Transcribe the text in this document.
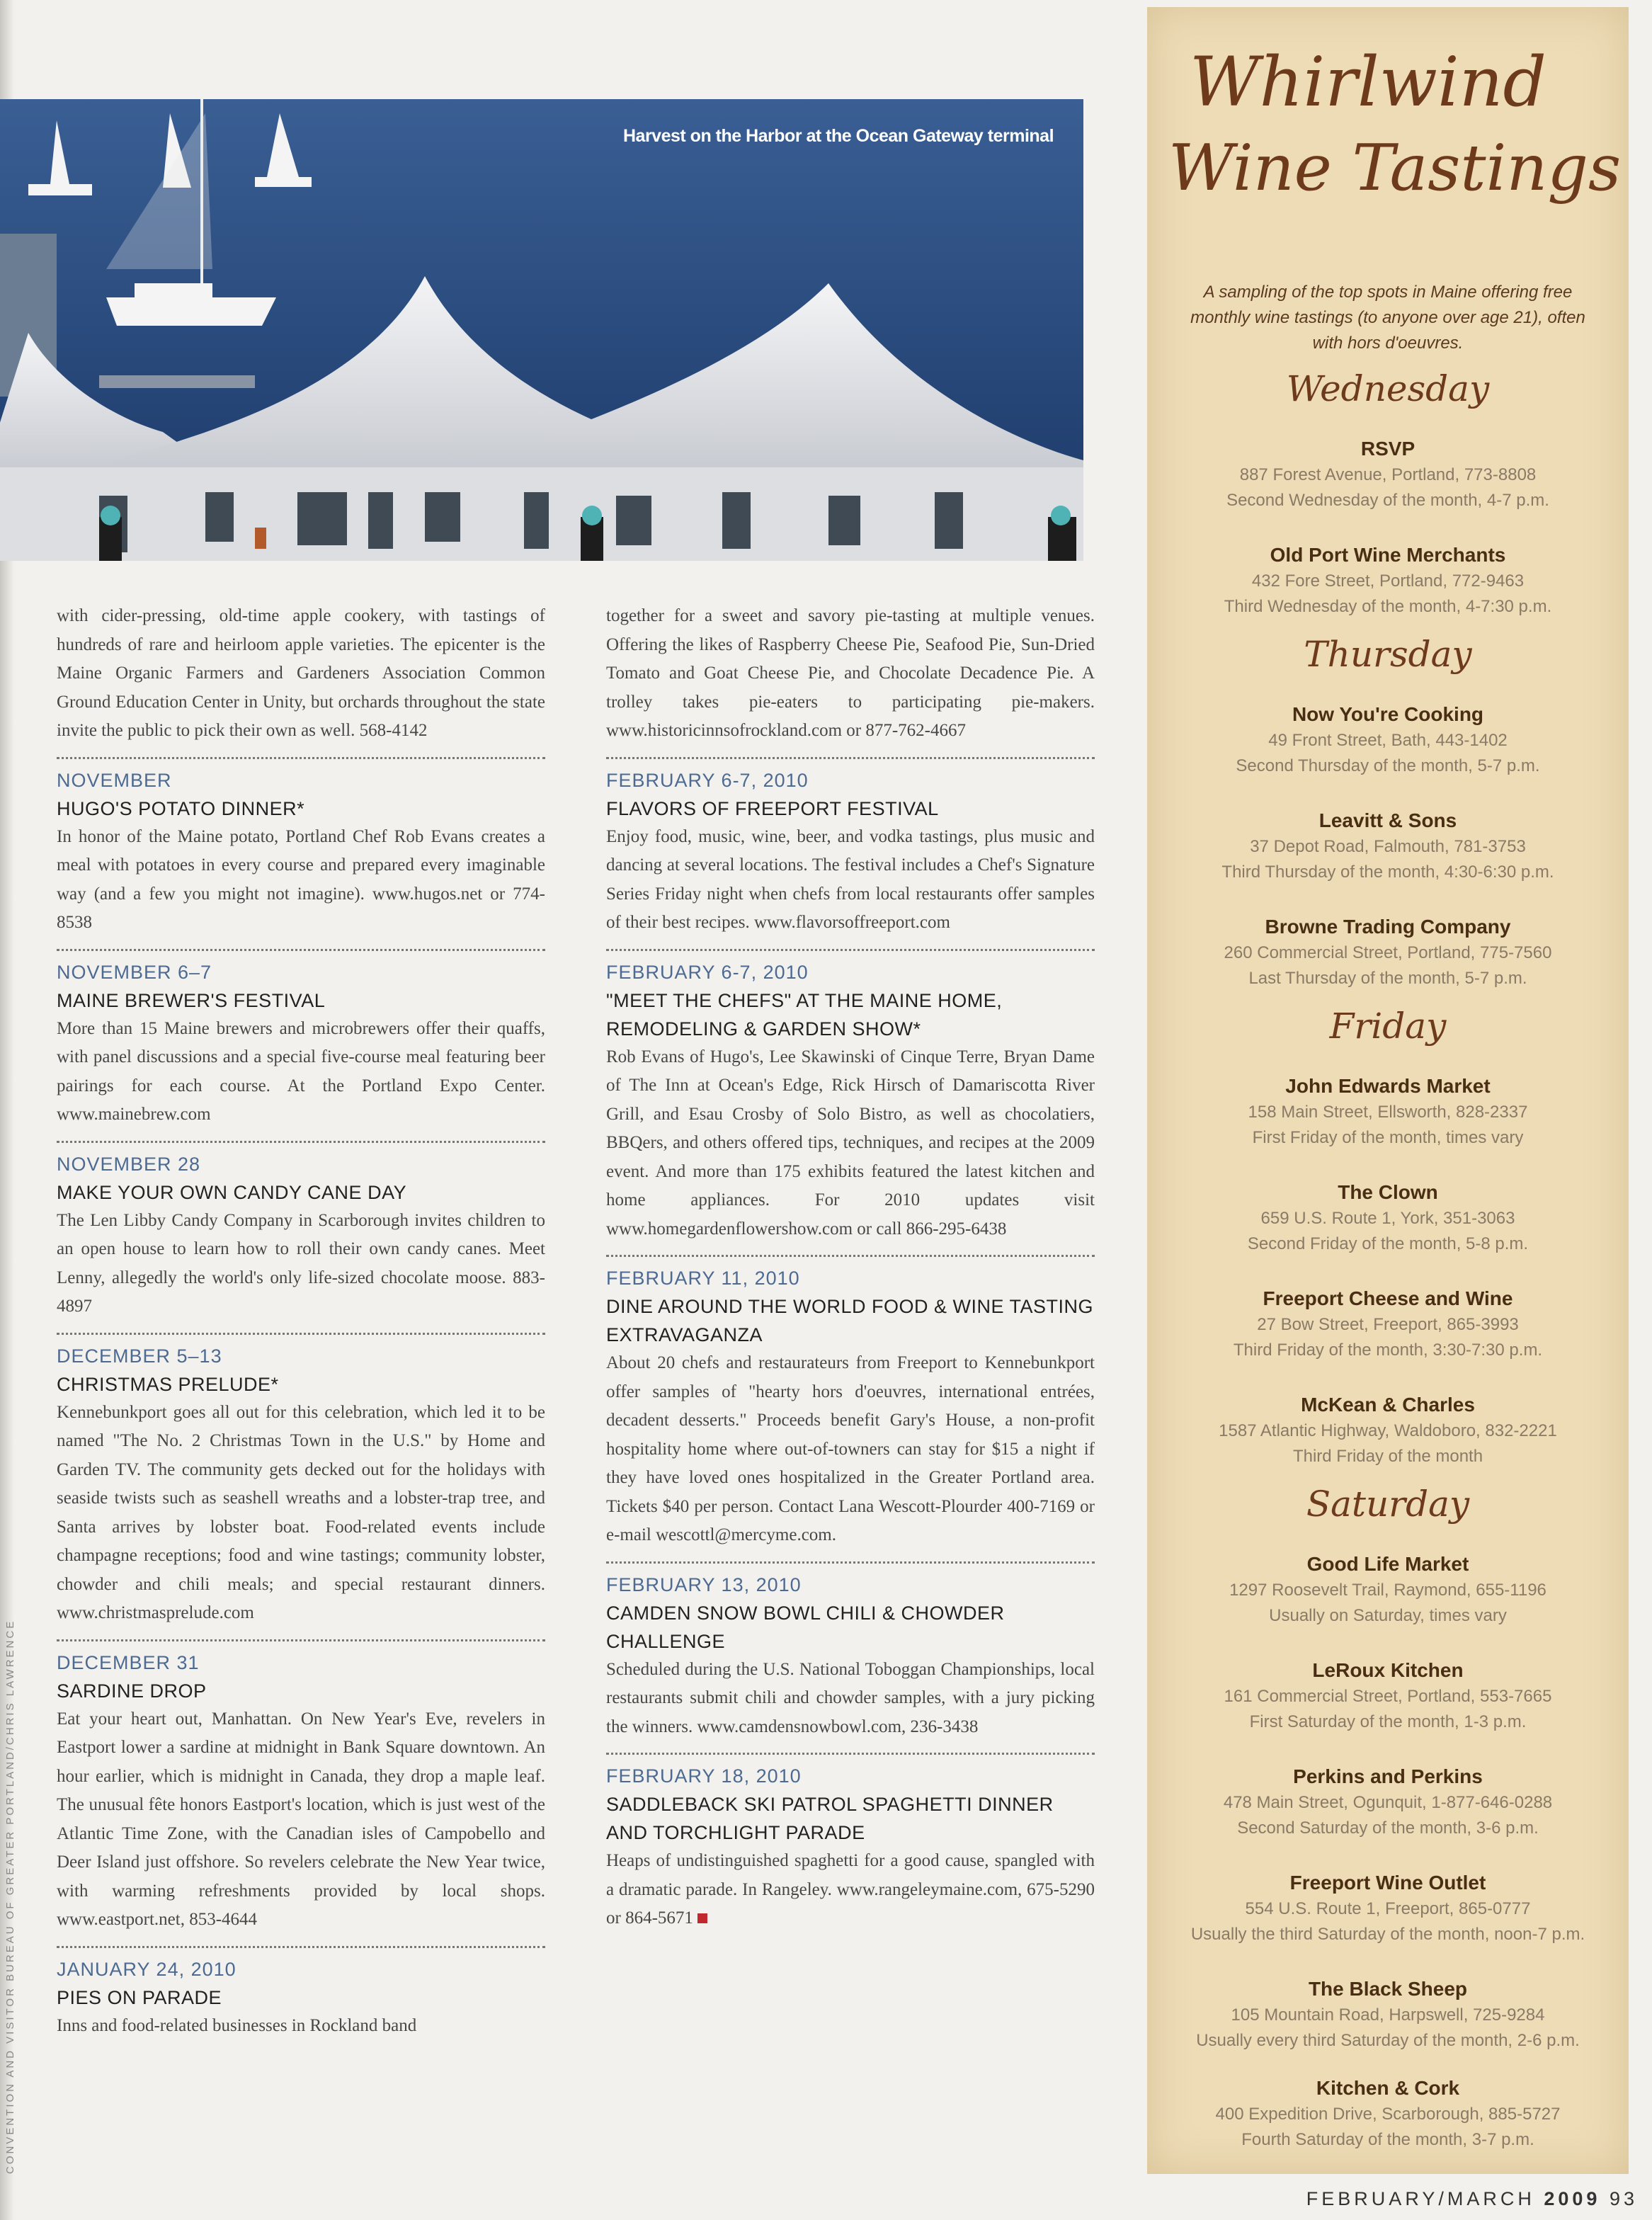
CONVENTION AND VISITOR BUREAU OF GREATER PORTLAND/CHRIS LAWRENCE
Harvest on the Harbor at the Ocean Gateway terminal
with cider-pressing, old-time apple cookery, with tastings of hundreds of rare and heirloom apple varieties. The epicenter is the Maine Organic Farmers and Gardeners Association Common Ground Education Center in Unity, but orchards throughout the state invite the public to pick their own as well. 568-4142
NOVEMBER
HUGO'S POTATO DINNER*
In honor of the Maine potato, Portland Chef Rob Evans creates a meal with potatoes in every course and prepared every imaginable way (and a few you might not imagine). www.hugos.net or 774-8538
NOVEMBER 6–7
MAINE BREWER'S FESTIVAL
More than 15 Maine brewers and microbrewers offer their quaffs, with panel discussions and a special five-course meal featuring beer pairings for each course. At the Portland Expo Center. www.mainebrew.com
NOVEMBER 28
MAKE YOUR OWN CANDY CANE DAY
The Len Libby Candy Company in Scarborough invites children to an open house to learn how to roll their own candy canes. Meet Lenny, allegedly the world's only life-sized chocolate moose. 883-4897
DECEMBER 5–13
CHRISTMAS PRELUDE*
Kennebunkport goes all out for this celebration, which led it to be named "The No. 2 Christmas Town in the U.S." by Home and Garden TV. The community gets decked out for the holidays with seaside twists such as seashell wreaths and a lobster-trap tree, and Santa arrives by lobster boat. Food-related events include champagne receptions; food and wine tastings; community lobster, chowder and chili meals; and special restaurant dinners. www.christmasprelude.com
DECEMBER 31
SARDINE DROP
Eat your heart out, Manhattan. On New Year's Eve, revelers in Eastport lower a sardine at midnight in Bank Square downtown. An hour earlier, which is midnight in Canada, they drop a maple leaf. The unusual fête honors Eastport's location, which is just west of the Atlantic Time Zone, with the Canadian isles of Campobello and Deer Island just offshore. So revelers celebrate the New Year twice, with warming refreshments provided by local shops. www.eastport.net, 853-4644
JANUARY 24, 2010
PIES ON PARADE
Inns and food-related businesses in Rockland band
together for a sweet and savory pie-tasting at multiple venues. Offering the likes of Raspberry Cheese Pie, Seafood Pie, Sun-Dried Tomato and Goat Cheese Pie, and Chocolate Decadence Pie. A trolley takes pie-eaters to participating pie-makers. www.historicinnsofrockland.com or 877-762-4667
FEBRUARY 6-7, 2010
FLAVORS OF FREEPORT FESTIVAL
Enjoy food, music, wine, beer, and vodka tastings, plus music and dancing at several locations. The festival includes a Chef's Signature Series Friday night when chefs from local restaurants offer samples of their best recipes. www.flavorsoffreeport.com
FEBRUARY 6-7, 2010
"MEET THE CHEFS" AT THE MAINE HOME, REMODELING & GARDEN SHOW*
Rob Evans of Hugo's, Lee Skawinski of Cinque Terre, Bryan Dame of The Inn at Ocean's Edge, Rick Hirsch of Damariscotta River Grill, and Esau Crosby of Solo Bistro, as well as chocolatiers, BBQers, and others offered tips, techniques, and recipes at the 2009 event. And more than 175 exhibits featured the latest kitchen and home appliances. For 2010 updates visit www.homegardenflowershow.com or call 866-295-6438
FEBRUARY 11, 2010
DINE AROUND THE WORLD FOOD & WINE TASTING EXTRAVAGANZA
About 20 chefs and restaurateurs from Freeport to Kennebunkport offer samples of "hearty hors d'oeuvres, international entrées, decadent desserts." Proceeds benefit Gary's House, a non-profit hospitality home where out-of-towners can stay for $15 a night if they have loved ones hospitalized in the Greater Portland area. Tickets $40 per person. Contact Lana Wescott-Plourder 400-7169 or e-mail wescottl@mercyme.com.
FEBRUARY 13, 2010
CAMDEN SNOW BOWL CHILI & CHOWDER CHALLENGE
Scheduled during the U.S. National Toboggan Championships, local restaurants submit chili and chowder samples, with a jury picking the winners. www.camdensnowbowl.com, 236-3438
FEBRUARY 18, 2010
SADDLEBACK SKI PATROL SPAGHETTI DINNER AND TORCHLIGHT PARADE
Heaps of undistinguished spaghetti for a good cause, spangled with a dramatic parade. In Rangeley. www.rangeleymaine.com, 675-5290 or 864-5671
Whirlwind
Wine Tastings
A sampling of the top spots in Maine offering free monthly wine tastings (to anyone over age 21), often with hors d'oeuvres.
Wednesday
RSVP
887 Forest Avenue, Portland, 773-8808
Second Wednesday of the month, 4-7 p.m.
Old Port Wine Merchants
432 Fore Street, Portland, 772-9463
Third Wednesday of the month, 4-7:30 p.m.
Thursday
Now You're Cooking
49 Front Street, Bath, 443-1402
Second Thursday of the month, 5-7 p.m.
Leavitt & Sons
37 Depot Road, Falmouth, 781-3753
Third Thursday of the month, 4:30-6:30 p.m.
Browne Trading Company
260 Commercial Street, Portland, 775-7560
Last Thursday of the month, 5-7 p.m.
Friday
John Edwards Market
158 Main Street, Ellsworth, 828-2337
First Friday of the month, times vary
The Clown
659 U.S. Route 1, York, 351-3063
Second Friday of the month, 5-8 p.m.
Freeport Cheese and Wine
27 Bow Street, Freeport, 865-3993
Third Friday of the month, 3:30-7:30 p.m.
McKean & Charles
1587 Atlantic Highway, Waldoboro, 832-2221
Third Friday of the month
Saturday
Good Life Market
1297 Roosevelt Trail, Raymond, 655-1196
Usually on Saturday, times vary
LeRoux Kitchen
161 Commercial Street, Portland, 553-7665
First Saturday of the month, 1-3 p.m.
Perkins and Perkins
478 Main Street, Ogunquit, 1-877-646-0288
Second Saturday of the month, 3-6 p.m.
Freeport Wine Outlet
554 U.S. Route 1, Freeport, 865-0777
Usually the third Saturday of the month, noon-7 p.m.
The Black Sheep
105 Mountain Road, Harpswell, 725-9284
Usually every third Saturday of the month, 2-6 p.m.
Kitchen & Cork
400 Expedition Drive, Scarborough, 885-5727
Fourth Saturday of the month, 3-7 p.m.
FEBRUARY/MARCH 2009 93
